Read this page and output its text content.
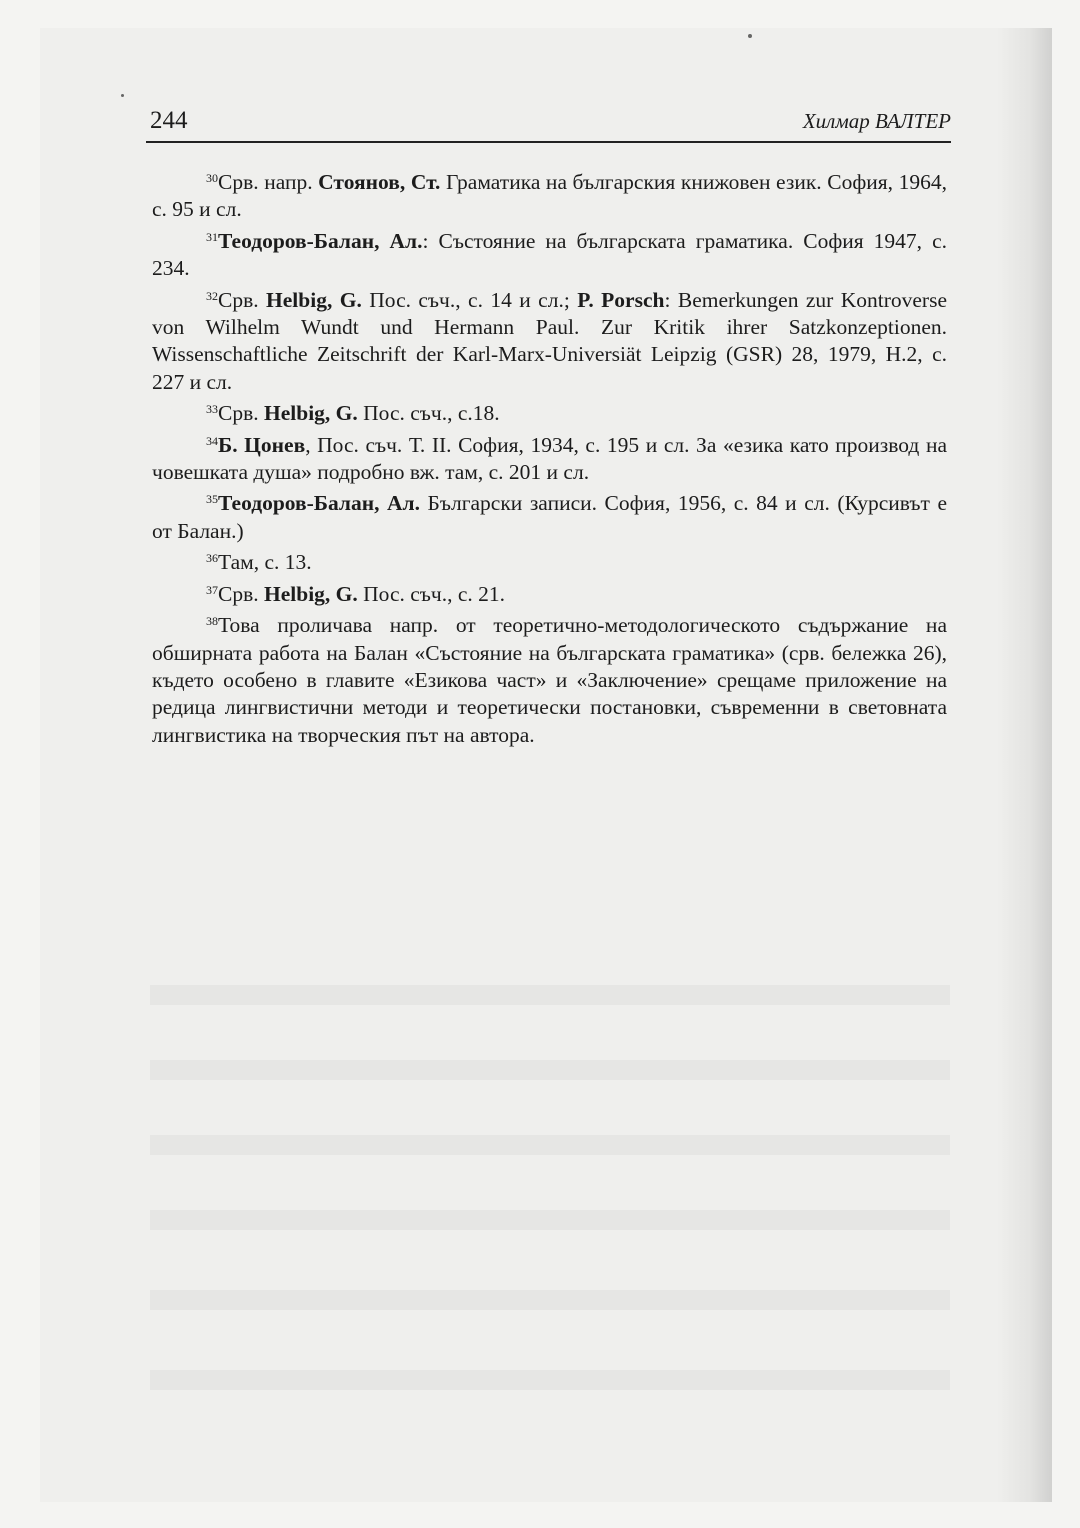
244	Хилмар ВАЛТЕР

$^{30}$Срв. напр. Стоянов, Ст. Граматика на българския книжовен език. София, 1964, с. 95 и сл.

$^{31}$Теодоров-Балан, Ал.: Състояние на българската граматика. София 1947, с. 234.

$^{32}$Срв. Helbig, G. Пос. съч., с. 14 и сл.; P. Porsch: Bemerkungen zur Kontroverse von Wilhelm Wundt und Hermann Paul. Zur Kritik ihrer Satzkonzeptionen. Wissenschaftliche Zeitschrift der Karl-Marx-Universiät Leipzig (GSR) 28, 1979, H.2, с. 227 и сл.

$^{33}$Срв. Helbig, G. Пос. съч., с.18.

$^{34}$Б. Цонев, Пос. съч. Т. II. София, 1934, с. 195 и сл. За «езика като производ на човешката душа» подробно вж. там, с. 201 и сл.

$^{35}$Теодоров-Балан, Ал. Български записи. София, 1956, с. 84 и сл. (Курсивът е от Балан.)

$^{36}$Там, с. 13.

$^{37}$Срв. Helbig, G. Пос. съч., с. 21.

$^{38}$Това проличава напр. от теоретично-методологическото съдържание на обширната работа на Балан «Състояние на българската граматика» (срв. бележка 26), където особено в главите «Езикова част» и «Заключение» срещаме приложение на редица лингвистични методи и теоретически постановки, съвременни в световната лингвистика на творческия път на автора.
